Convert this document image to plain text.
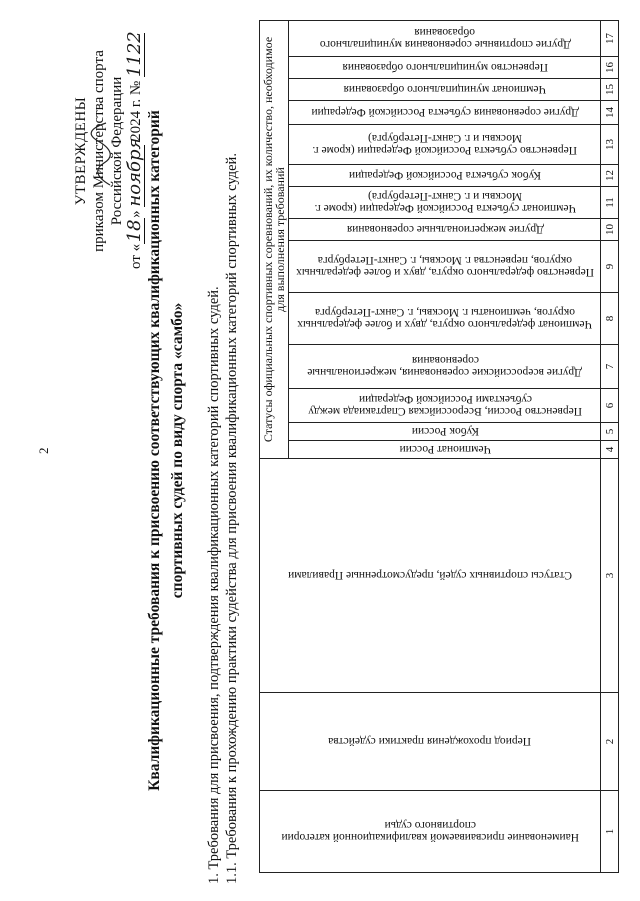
2
УТВЕРЖДЕНЫ приказом Министерства спорта Российской Федерации
от «18» ноября 2024 г. № 1122
Квалификационные требования к присвоению соответствующих квалификационных категорий спортивных судей по виду спорта «самбо» 1. Требования для присвоения, подтверждения квалификационных категорий спортивных судей. 1.1. Требования к прохождению практики судейства для присвоения квалификационных категорий спортивных судей.	Наименование присваиваемой квалификационной категории спортивного судьи	Период прохождения практики судейства	Статусы спортивных судей, предусмотренные Правилами	Статусы официальных спортивных соревнований, их количество, необходимое для выполнения требований													

			Чемпионат России	Кубок России	Первенство России, Всероссийская Спартакиада между субъектами Российской Федерации	Другие всероссийские соревнования, межрегиональные соревнования	Чемпионат федерального округа, двух и более федеральных округов, чемпионаты г. Москвы, г. Санкт-Петербурга	Первенство федерального округа, двух и более федеральных округов, первенства г. Москвы, г. Санкт-Петербурга	Другие межрегиональные соревнования	Чемпионат субъекта Российской Федерации (кроме г. Москвы и г. Санкт-Петербурга)	Кубок субъекта Российской Федерации	Первенство субъекта Российской Федерации (кроме г. Москвы и г. Санкт-Петербурга)	Другие соревнования субъекта Российской Федерации	Чемпионат муниципального образования	Первенство муниципального образования	Другие спортивные соревнования муниципального образования

1	2	3	4	5	6	7	8	9	10	11	12	13	14	15	16	17
